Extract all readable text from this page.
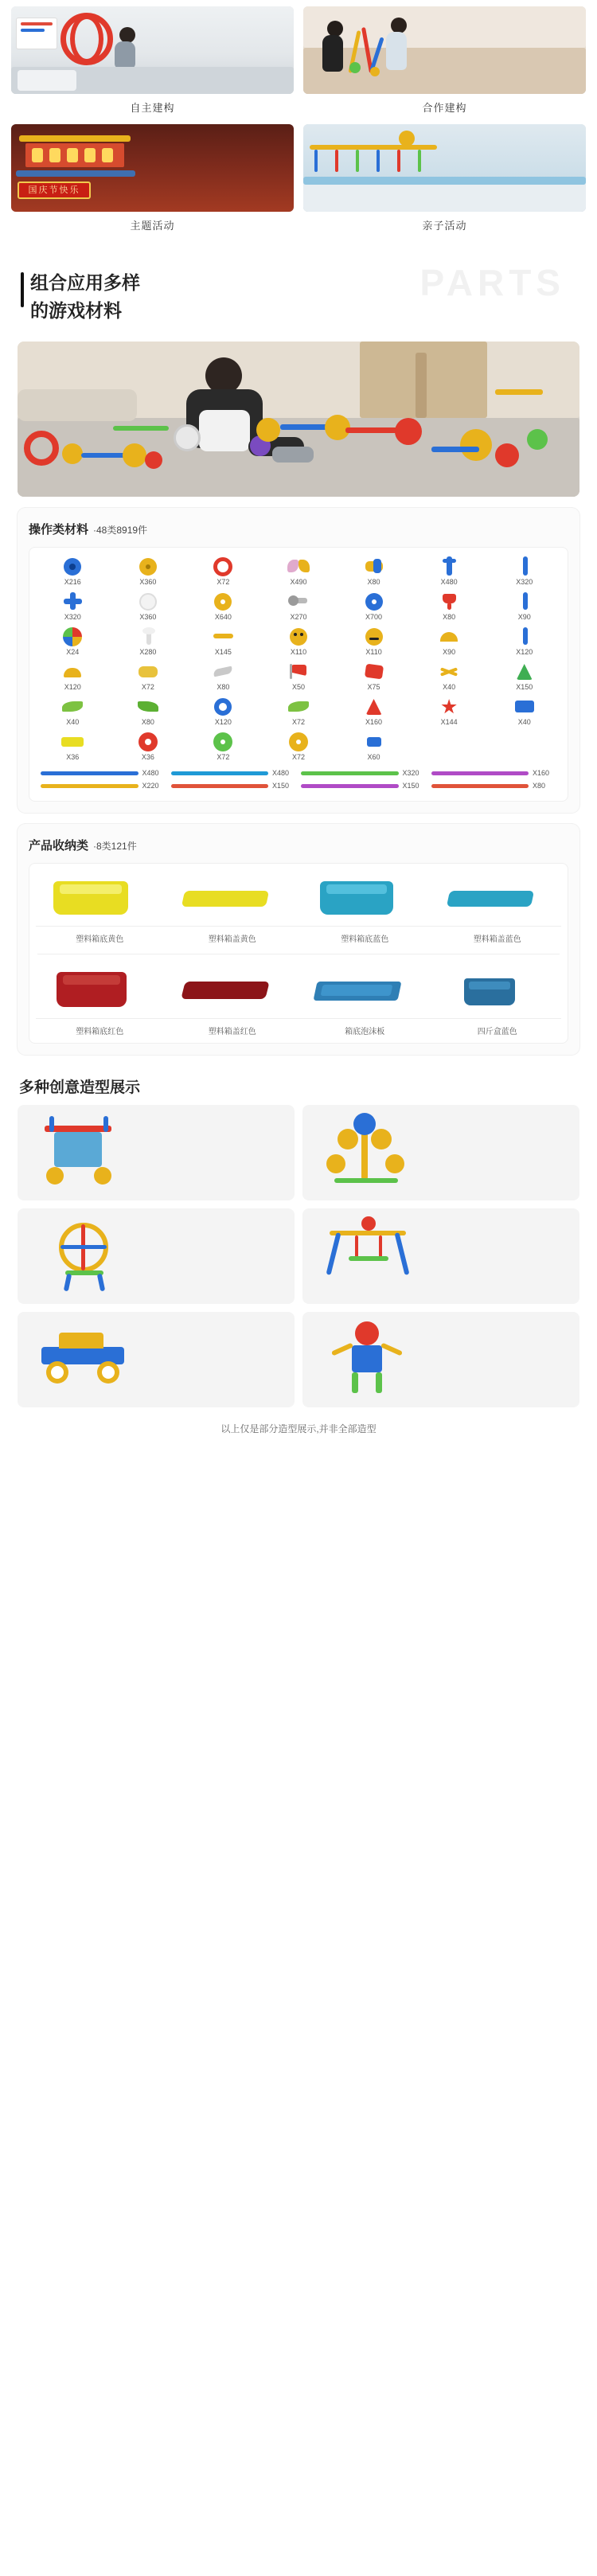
自主建构	合作建构
国庆节快乐
主题活动	亲子活动
PARTS
组合应用多样
的游戏材料
操作类材料 ·48类8919件
X216	X360	X72	X490	X80	X480	X320
X320	X360	X640	X270	X700	X80	X90
X24	X280	X145	X110	X110	X90	X120
X120	X72	X80	X50	X75	X40	X150
X40	X80	X120	X72	X160	X144	X40
X36	X36	X72	X72	X60
X480	X480	X320	X160
X220	X150	X150	X80
产品收纳类 ·8类121件
塑料箱底黄色	塑料箱盖黄色	塑料箱底蓝色	塑料箱盖蓝色
塑料箱底红色	塑料箱盖红色	箱底泡沫板	四斤盒蓝色
多种创意造型展示
以上仅是部分造型展示,并非全部造型
